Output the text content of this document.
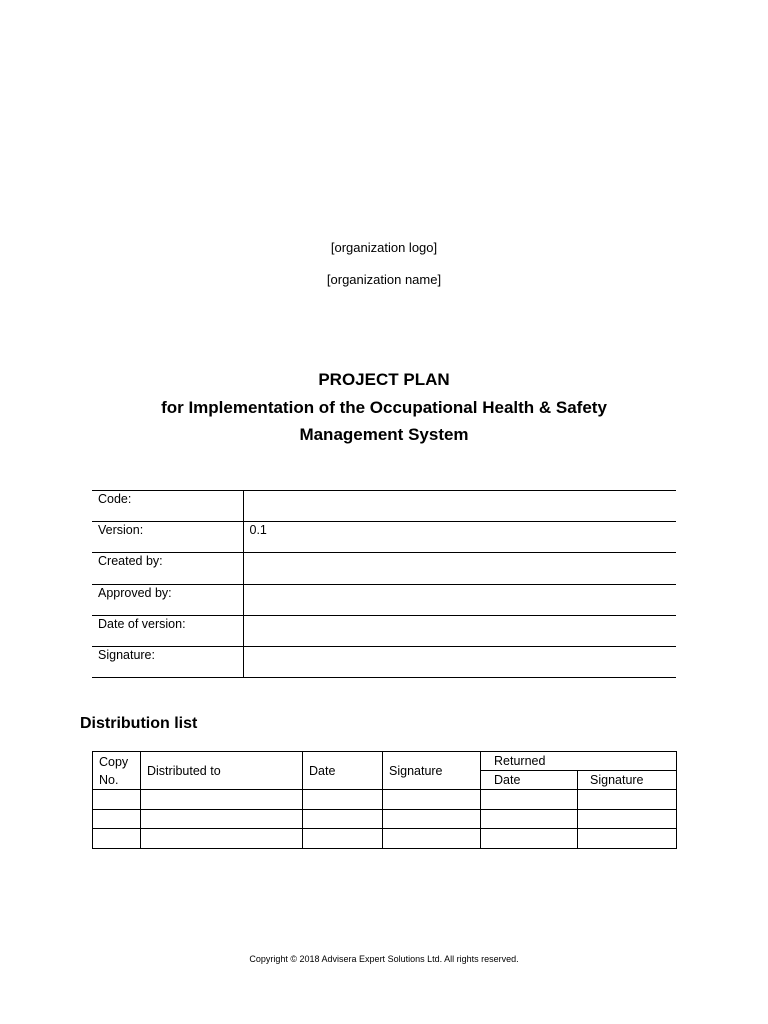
[organization logo]
[organization name]
PROJECT PLAN
for Implementation of the Occupational Health & Safety
Management System
Code:	
Version:	0.1
Created by:	
Approved by:	
Date of version:	
Signature:	
Distribution list
Copy
No.	Distributed to	Date	Signature	Returned	
				Date	Signature

Copyright © 2018 Advisera Expert Solutions Ltd. All rights reserved.
